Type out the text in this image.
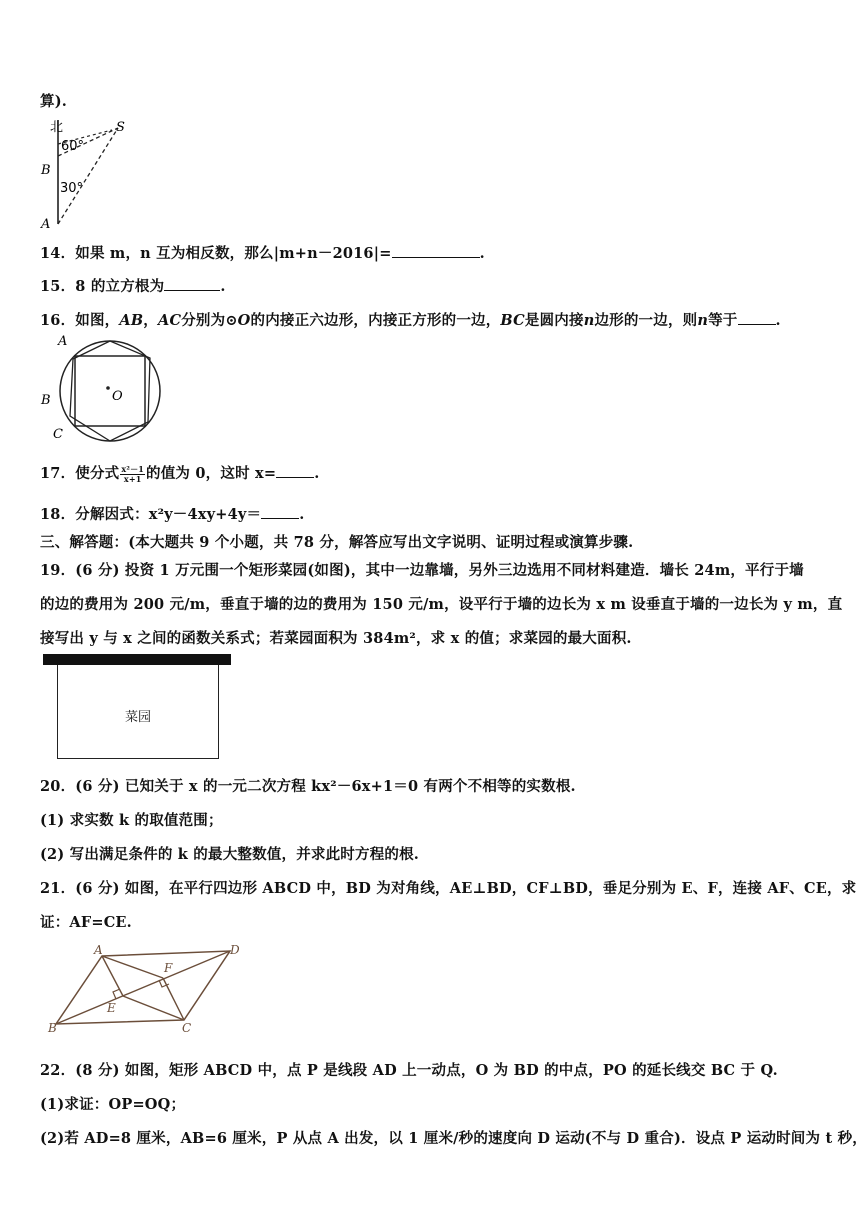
算).
北	S
60°
B
30°
A
14．如果 m，n 互为相反数，那么|m+n－2016|=	.
15．8 的立方根为	.
16．如图，AB，AC分别为⊙O的内接正六边形，内接正方形的一边，BC是圆内接n边形的一边，则n等于	.
O
A
B
C
17．使分式 $\frac{\text{x²－1}}{x+1}$ 的值为 0，这时 x=	.
18．分解因式：x²y－4xy+4y＝	.
三、解答题：(本大题共 9 个小题，共 78 分，解答应写出文字说明、证明过程或演算步骤.
19．(6 分) 投资 1 万元围一个矩形菜园(如图)，其中一边靠墙，另外三边选用不同材料建造．墙长 24m，平行于墙
的边的费用为 200 元/m，垂直于墙的边的费用为 150 元/m，设平行于墙的边长为 x m 设垂直于墙的一边长为 y m，直
接写出 y 与 x 之间的函数关系式；若菜园面积为 384m²，求 x 的值；求菜园的最大面积.
菜园
20．(6 分) 已知关于 x 的一元二次方程 kx²－6x+1＝0 有两个不相等的实数根.
(1) 求实数 k 的取值范围；
(2) 写出满足条件的 k 的最大整数值，并求此时方程的根.
21．(6 分) 如图，在平行四边形 ABCD 中，BD 为对角线，AE⊥BD，CF⊥BD，垂足分别为 E、F，连接 AF、CE，求
证：AF=CE.
A	D
F
E
B	C
22．(8 分) 如图，矩形 ABCD 中，点 P 是线段 AD 上一动点，O 为 BD 的中点，PO 的延长线交 BC 于 Q.
(1)求证：OP=OQ；
(2)若 AD=8 厘米，AB=6 厘米，P 从点 A 出发，以 1 厘米/秒的速度向 D 运动(不与 D 重合)．设点 P 运动时间为 t 秒，
